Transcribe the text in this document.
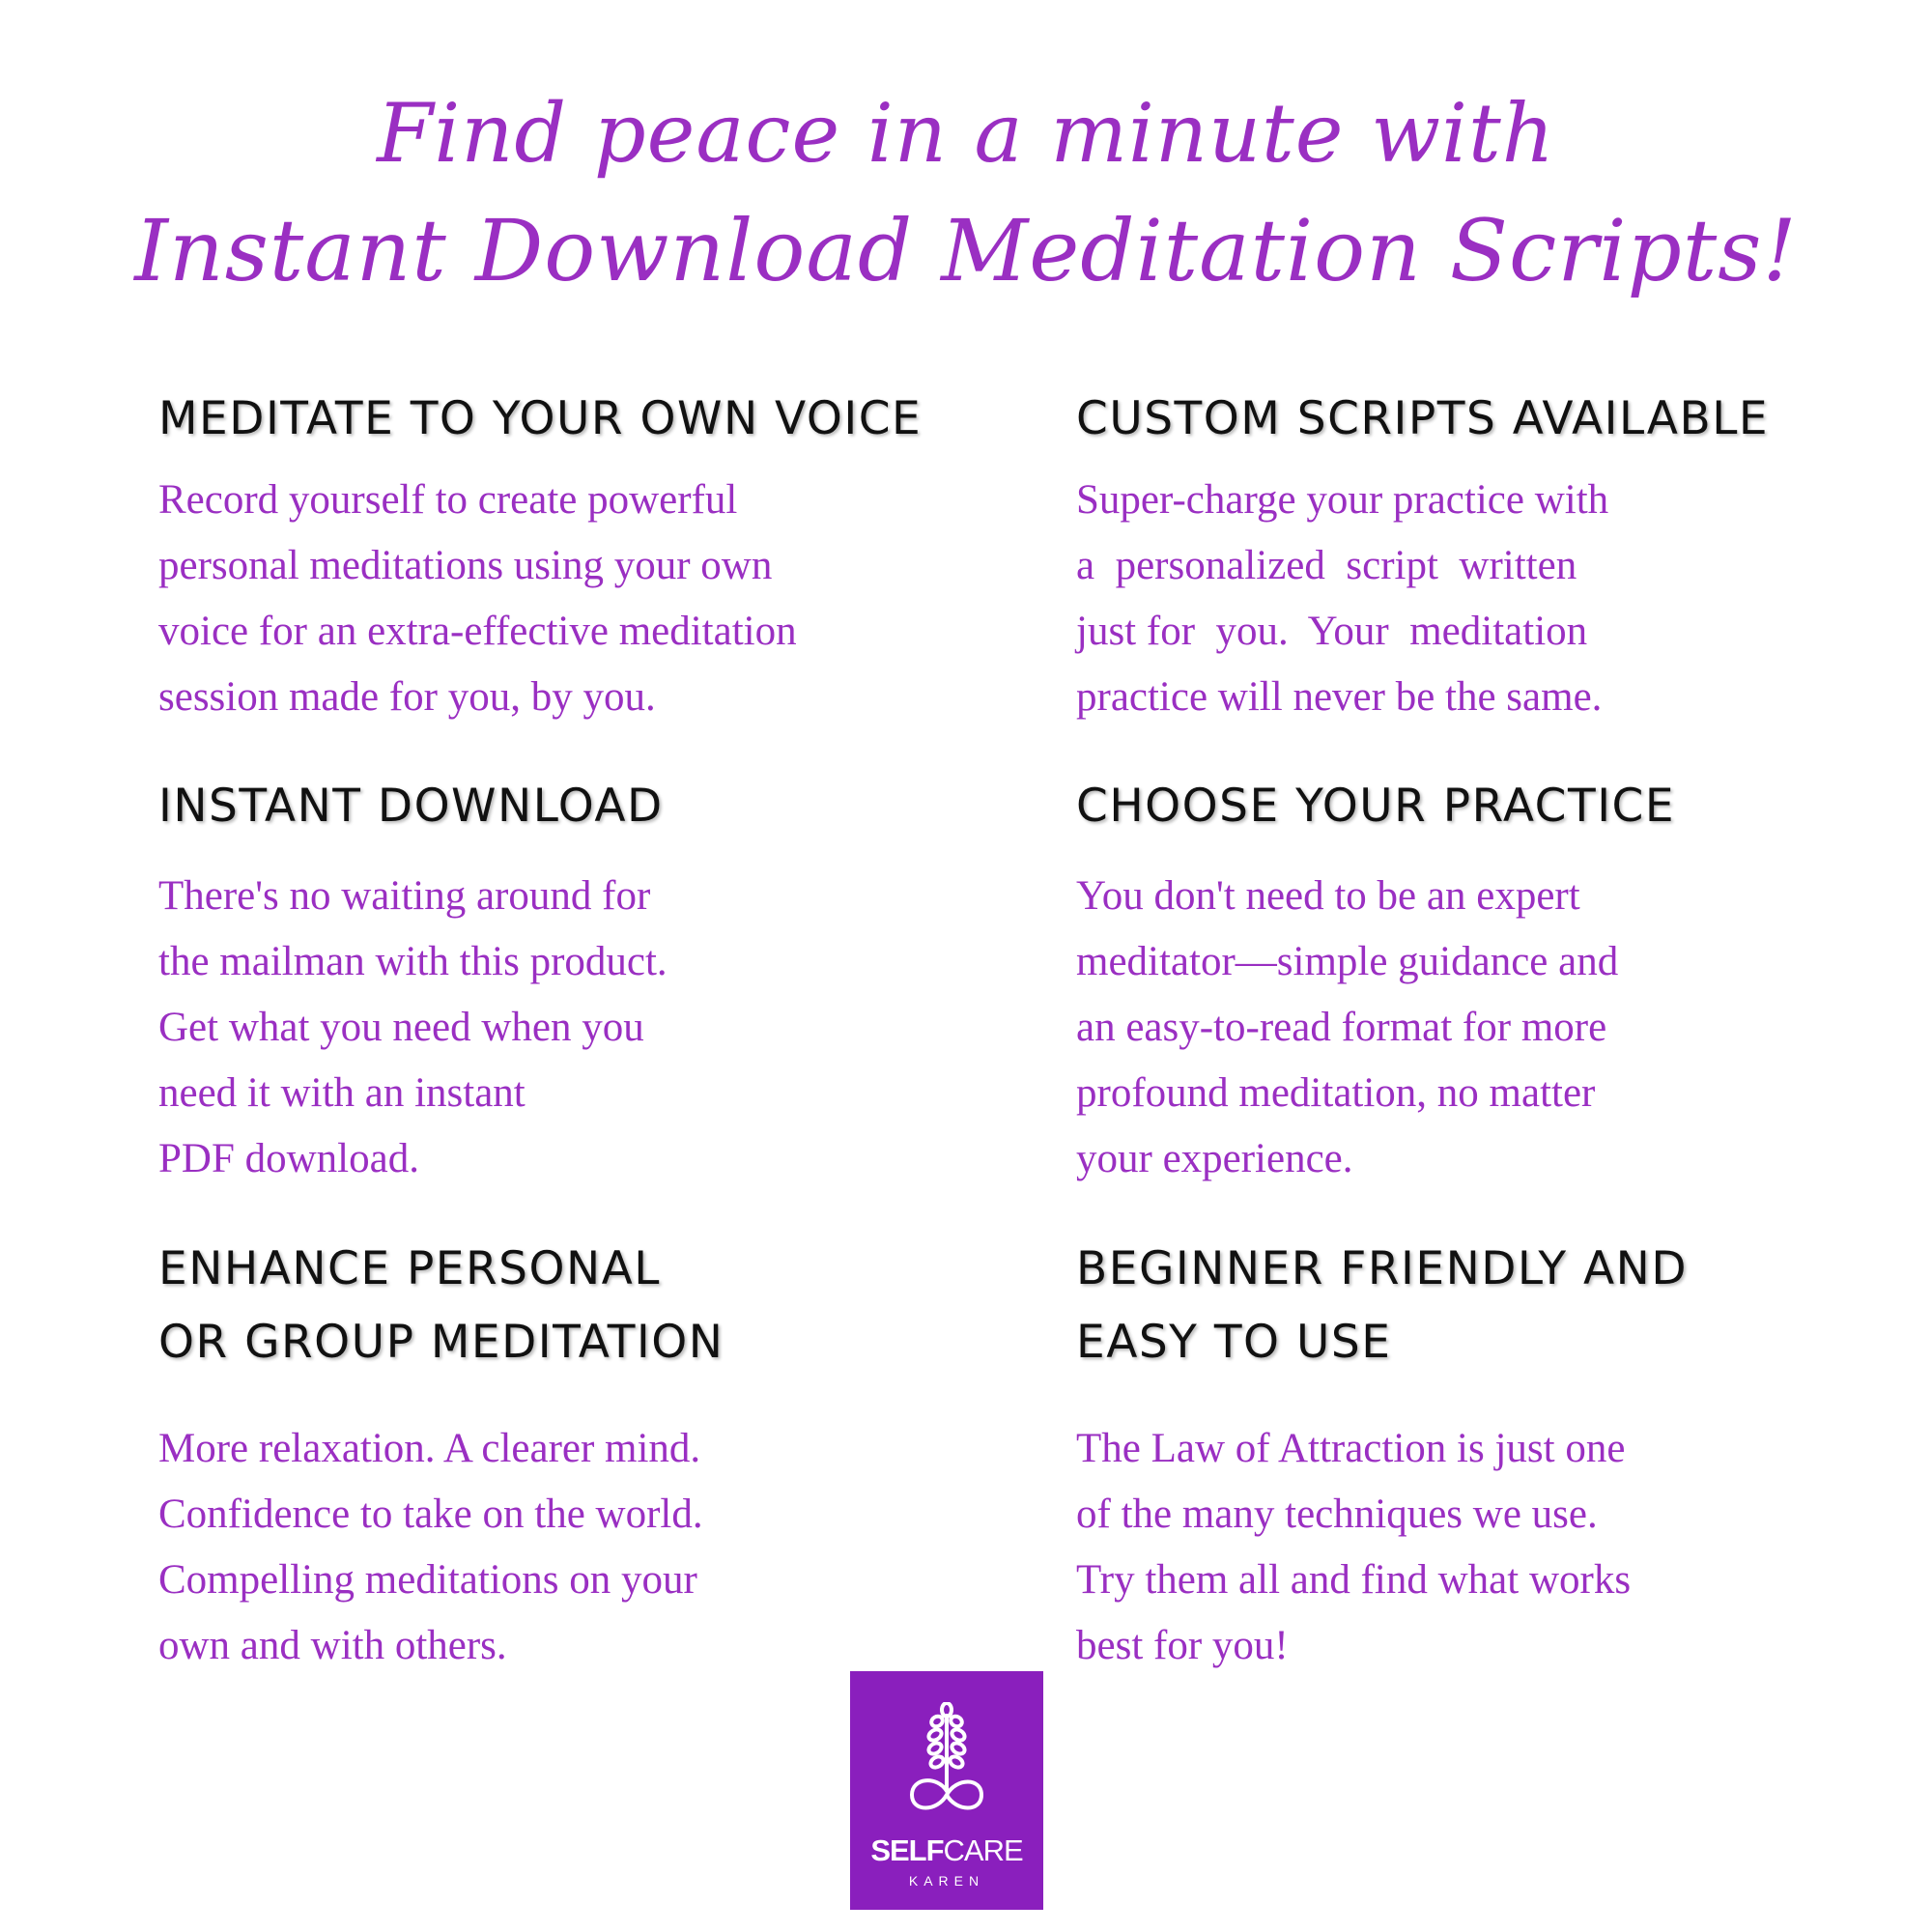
Find peace in a minute with
Instant Download Meditation Scripts!
MEDITATE TO YOUR OWN VOICE
Record yourself to create powerful
personal meditations using your own
voice for an extra-effective meditation
session made for you, by you.
INSTANT DOWNLOAD
There's no waiting around for
the mailman with this product.
Get what you need when you
need it with an instant
PDF download.
ENHANCE PERSONAL
OR GROUP MEDITATION
More relaxation. A clearer mind.
Confidence to take on the world.
Compelling meditations on your
own and with others.
CUSTOM SCRIPTS AVAILABLE
Super-charge your practice with
a  personalized  script  written
just for  you.  Your  meditation
practice will never be the same.
CHOOSE YOUR PRACTICE
You don't need to be an expert
meditator—simple guidance and
an easy-to-read format for more
profound meditation, no matter
your experience.
BEGINNER FRIENDLY AND
EASY TO USE
The Law of Attraction is just one
of the many techniques we use.
Try them all and find what works
best for you!
SELFCARE
KAREN
